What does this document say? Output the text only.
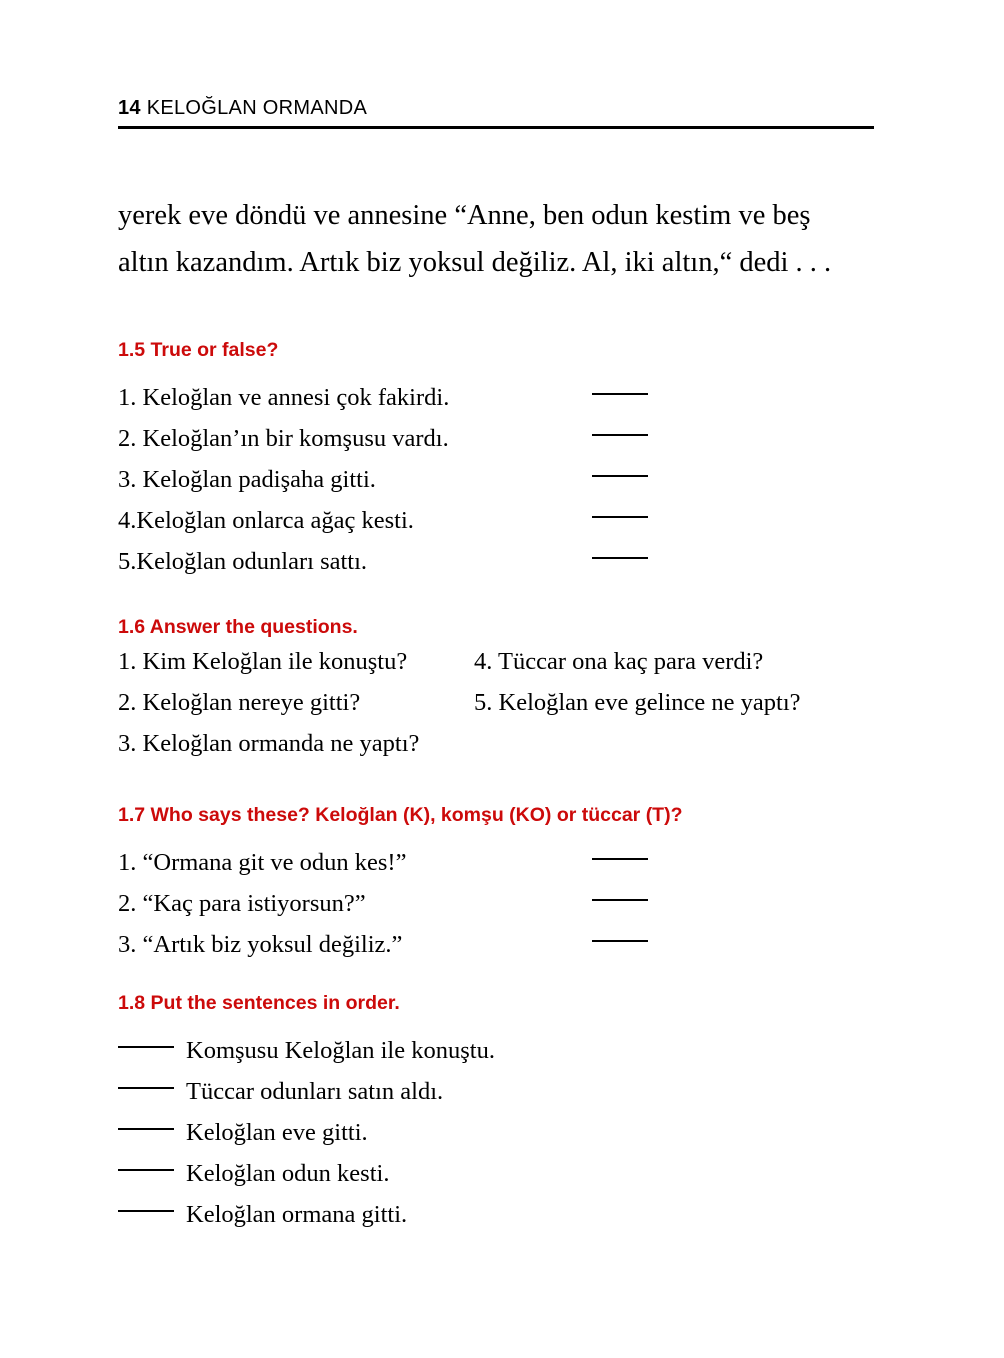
14 KELOĞLAN ORMANDA
yerek eve döndü ve annesine “Anne, ben odun kestim ve beş
altın kazandım. Artık biz yoksul değiliz. Al, iki altın,“ dedi . . .
1.5 True or false?
1. Keloğlan ve annesi çok fakirdi.
2. Keloğlan’ın bir komşusu vardı.
3. Keloğlan padişaha gitti.
4.Keloğlan onlarca ağaç kesti.
5.Keloğlan odunları sattı.
1.6 Answer the questions.
1. Kim Keloğlan ile konuştu?
2. Keloğlan nereye gitti?
3. Keloğlan ormanda ne yaptı?
4. Tüccar ona kaç para verdi?
5. Keloğlan eve gelince ne yaptı?
1.7 Who says these? Keloğlan (K), komşu (KO) or tüccar (T)?
1. “Ormana git ve odun kes!”
2. “Kaç para istiyorsun?”
3. “Artık biz yoksul değiliz.”
1.8 Put the sentences in order.
Komşusu Keloğlan ile konuştu.
Tüccar odunları satın aldı.
Keloğlan eve gitti.
Keloğlan odun kesti.
Keloğlan ormana gitti.
